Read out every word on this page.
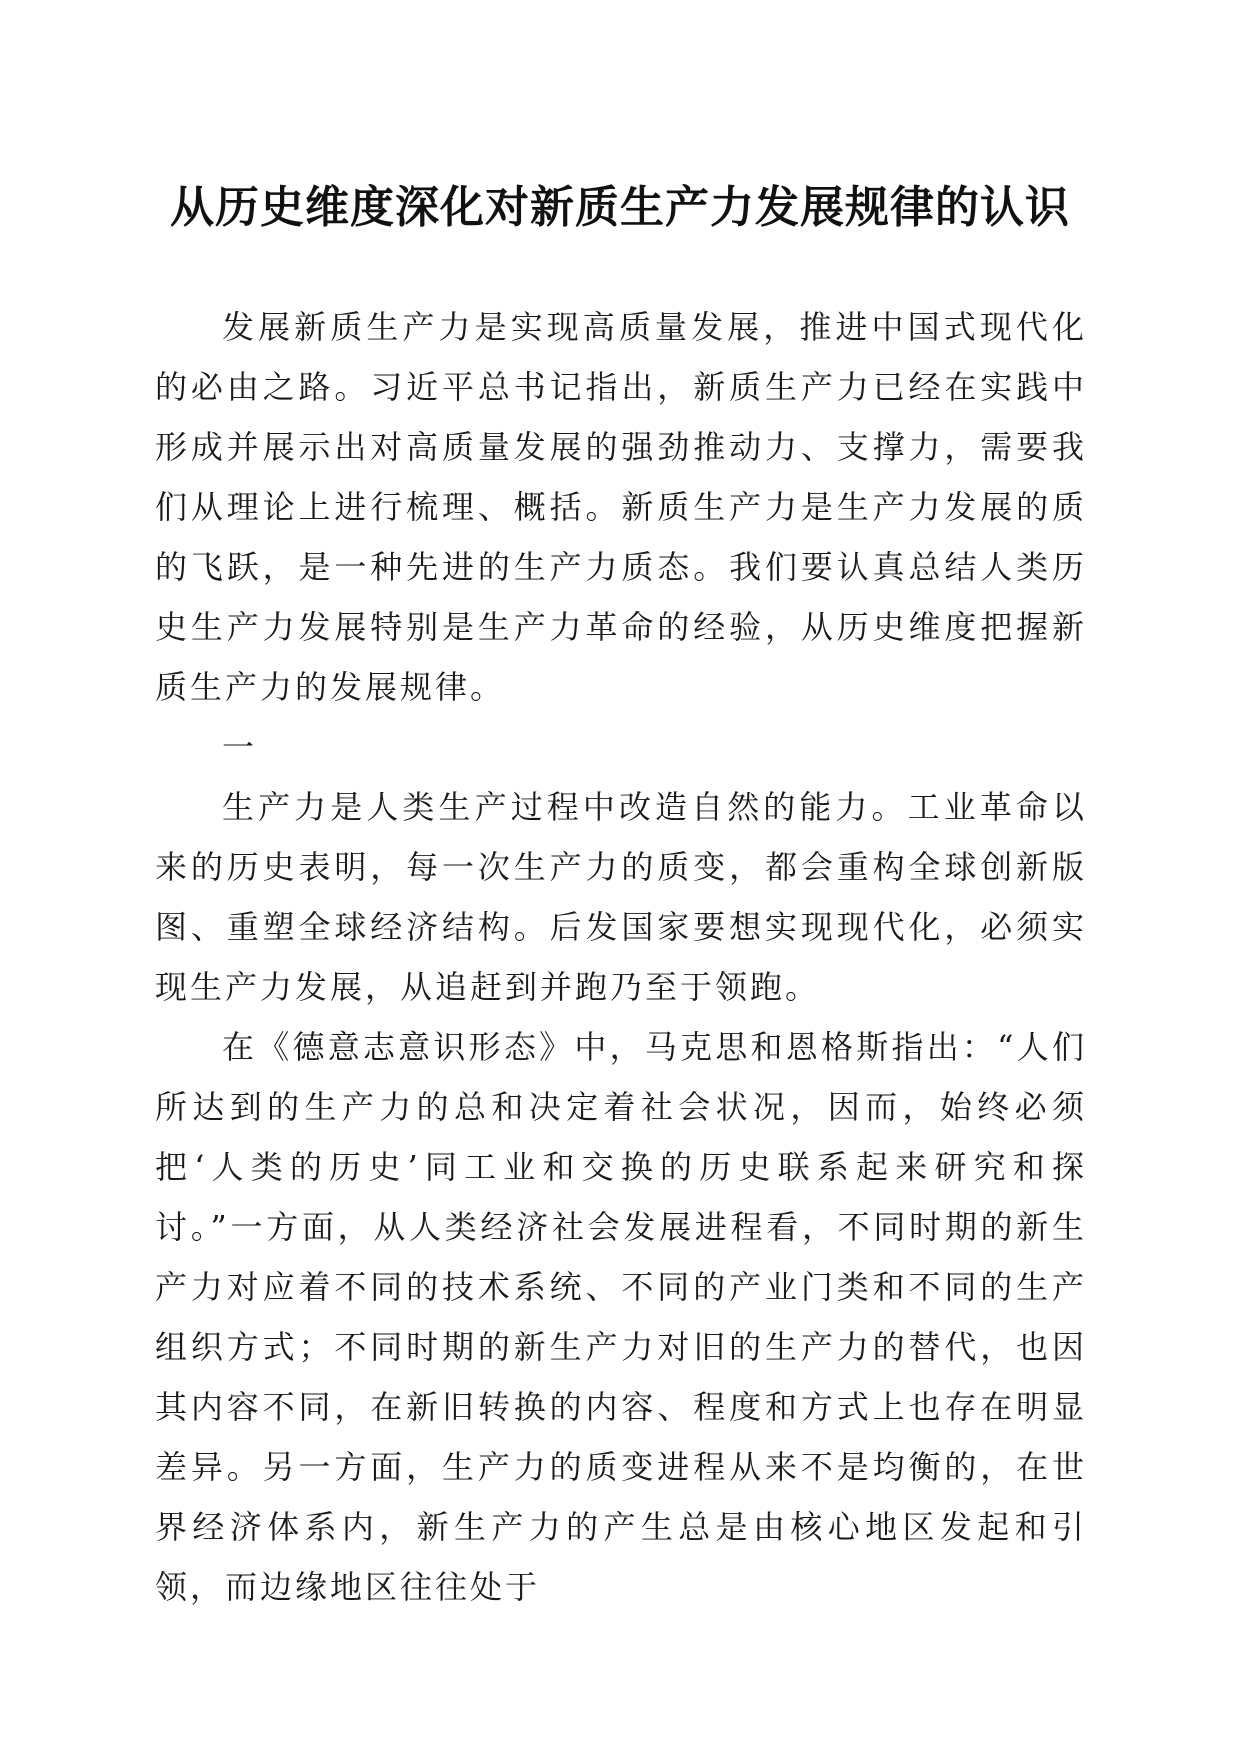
从历史维度深化对新质生产力发展规律的认识

发展新质生产力是实现高质量发展，推进中国式现代化的必由之路。习近平总书记指出，新质生产力已经在实践中形成并展示出对高质量发展的强劲推动力、支撑力，需要我们从理论上进行梳理、概括。新质生产力是生产力发展的质的飞跃，是一种先进的生产力质态。我们要认真总结人类历史生产力发展特别是生产力革命的经验，从历史维度把握新质生产力的发展规律。

一

生产力是人类生产过程中改造自然的能力。工业革命以来的历史表明，每一次生产力的质变，都会重构全球创新版图、重塑全球经济结构。后发国家要想实现现代化，必须实现生产力发展，从追赶到并跑乃至于领跑。

在《德意志意识形态》中，马克思和恩格斯指出：“人们所达到的生产力的总和决定着社会状况，因而，始终必须把‘人类的历史’同工业和交换的历史联系起来研究和探讨。”一方面，从人类经济社会发展进程看，不同时期的新生产力对应着不同的技术系统、不同的产业门类和不同的生产组织方式；不同时期的新生产力对旧的生产力的替代，也因其内容不同，在新旧转换的内容、程度和方式上也存在明显差异。另一方面，生产力的质变进程从来不是均衡的，在世界经济体系内，新生产力的产生总是由核心地区发起和引领，而边缘地区往往处于
